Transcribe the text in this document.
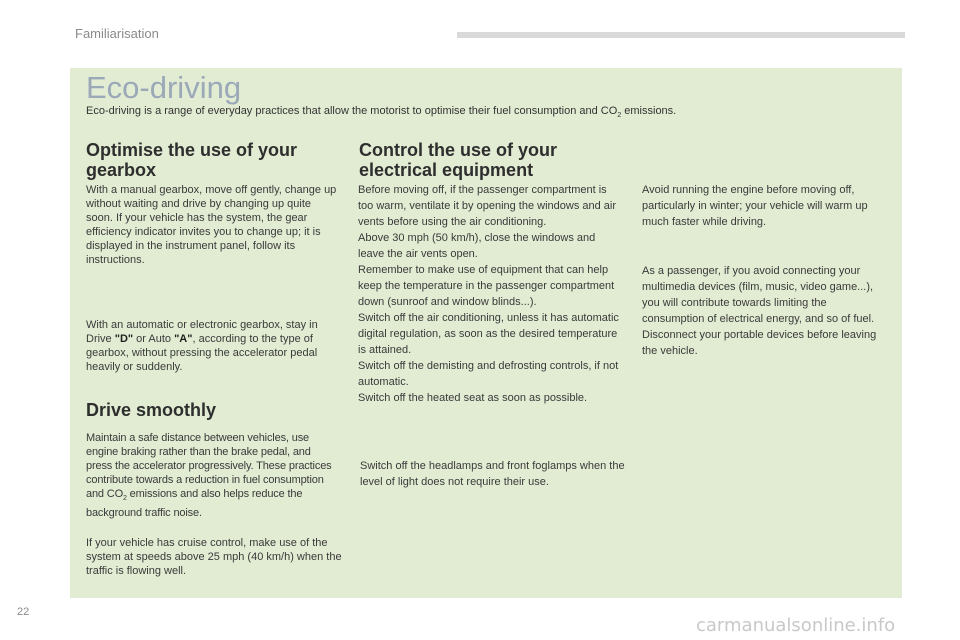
Familiarisation
Eco-driving
Eco-driving is a range of everyday practices that allow the motorist to optimise their fuel consumption and $CO_2$ emissions.
Optimise the use of your
gearbox
With a manual gearbox, move off gently, change up without waiting and drive by changing up quite soon. If your vehicle has the system, the gear efficiency indicator invites you to change up; it is displayed in the instrument panel, follow its instructions.
With an automatic or electronic gearbox, stay in Drive "D" or Auto "A", according to the type of gearbox, without pressing the accelerator pedal heavily or suddenly.
Drive smoothly
Maintain a safe distance between vehicles, use engine braking rather than the brake pedal, and press the accelerator progressively. These practices contribute towards a reduction in fuel consumption and $CO_2$ emissions and also helps reduce the background traffic noise.
If your vehicle has cruise control, make use of the system at speeds above 25 mph (40 km/h) when the traffic is flowing well.
Control the use of your
electrical equipment
Before moving off, if the passenger compartment is too warm, ventilate it by opening the windows and air vents before using the air conditioning.
Above 30 mph (50 km/h), close the windows and leave the air vents open.
Remember to make use of equipment that can help keep the temperature in the passenger compartment down (sunroof and window blinds...).
Switch off the air conditioning, unless it has automatic digital regulation, as soon as the desired temperature is attained.
Switch off the demisting and defrosting controls, if not automatic.
Switch off the heated seat as soon as possible.
Switch off the headlamps and front foglamps when the level of light does not require their use.
Avoid running the engine before moving off, particularly in winter; your vehicle will warm up much faster while driving.
As a passenger, if you avoid connecting your multimedia devices (film, music, video game...), you will contribute towards limiting the consumption of electrical energy, and so of fuel.
Disconnect your portable devices before leaving the vehicle.
22
carmanualsonline.info
